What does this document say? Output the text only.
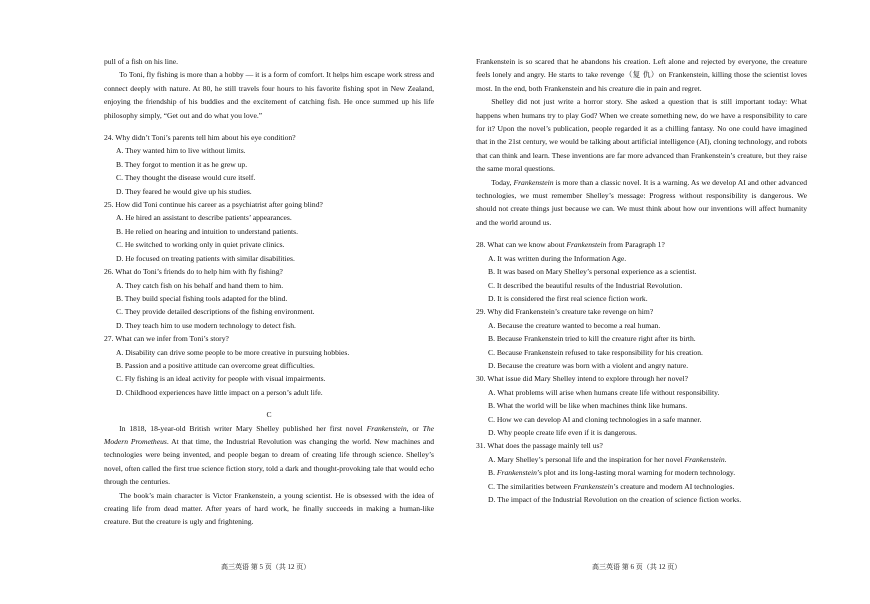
pull of a fish on his line.

To Toni, fly fishing is more than a hobby — it is a form of comfort. It helps him escape work stress and connect deeply with nature. At 80, he still travels four hours to his favorite fishing spot in New Zealand, enjoying the friendship of his buddies and the excitement of catching fish. He once summed up his life philosophy simply, “Get out and do what you love.”

24. Why didn’t Toni’s parents tell him about his eye condition?
A. They wanted him to live without limits.
B. They forgot to mention it as he grew up.
C. They thought the disease would cure itself.
D. They feared he would give up his studies.
25. How did Toni continue his career as a psychiatrist after going blind?
A. He hired an assistant to describe patients’ appearances.
B. He relied on hearing and intuition to understand patients.
C. He switched to working only in quiet private clinics.
D. He focused on treating patients with similar disabilities.
26. What do Toni’s friends do to help him with fly fishing?
A. They catch fish on his behalf and hand them to him.
B. They build special fishing tools adapted for the blind.
C. They provide detailed descriptions of the fishing environment.
D. They teach him to use modern technology to detect fish.
27. What can we infer from Toni’s story?
A. Disability can drive some people to be more creative in pursuing hobbies.
B. Passion and a positive attitude can overcome great difficulties.
C. Fly fishing is an ideal activity for people with visual impairments.
D. Childhood experiences have little impact on a person’s adult life.
C

In 1818, 18-year-old British writer Mary Shelley published her first novel Frankenstein, or The Modern Prometheus. At that time, the Industrial Revolution was changing the world. New machines and technologies were being invented, and people began to dream of creating life through science. Shelley’s novel, often called the first true science fiction story, told a dark and thought-provoking tale that would echo through the centuries.

The book’s main character is Victor Frankenstein, a young scientist. He is obsessed with the idea of creating life from dead matter. After years of hard work, he finally succeeds in making a human-like creature. But the creature is ugly and frightening.

Frankenstein is so scared that he abandons his creation. Left alone and rejected by everyone, the creature feels lonely and angry. He starts to take revenge（复 仇）on Frankenstein, killing those the scientist loves most. In the end, both Frankenstein and his creature die in pain and regret.

Shelley did not just write a horror story. She asked a question that is still important today: What happens when humans try to play God? When we create something new, do we have a responsibility to care for it? Upon the novel’s publication, people regarded it as a chilling fantasy. No one could have imagined that in the 21st century, we would be talking about artificial intelligence (AI), cloning technology, and robots that can think and learn. These inventions are far more advanced than Frankenstein’s creature, but they raise the same moral questions.

Today, Frankenstein is more than a classic novel. It is a warning. As we develop AI and other advanced technologies, we must remember Shelley’s message: Progress without responsibility is dangerous. We should not create things just because we can. We must think about how our inventions will affect humanity and the world around us.

28. What can we know about Frankenstein from Paragraph 1?
A. It was written during the Information Age.
B. It was based on Mary Shelley’s personal experience as a scientist.
C. It described the beautiful results of the Industrial Revolution.
D. It is considered the first real science fiction work.
29. Why did Frankenstein’s creature take revenge on him?
A. Because the creature wanted to become a real human.
B. Because Frankenstein tried to kill the creature right after its birth.
C. Because Frankenstein refused to take responsibility for his creation.
D. Because the creature was born with a violent and angry nature.
30. What issue did Mary Shelley intend to explore through her novel?
A. What problems will arise when humans create life without responsibility.
B. What the world will be like when machines think like humans.
C. How we can develop AI and cloning technologies in a safe manner.
D. Why people create life even if it is dangerous.
31. What does the passage mainly tell us?
A. Mary Shelley’s personal life and the inspiration for her novel Frankenstein.
B. Frankenstein’s plot and its long-lasting moral warning for modern technology.
C. The similarities between Frankenstein’s creature and modern AI technologies.
D. The impact of the Industrial Revolution on the creation of science fiction works.
高三英语 第 5 页（共 12 页）	高三英语 第 6 页（共 12 页）
